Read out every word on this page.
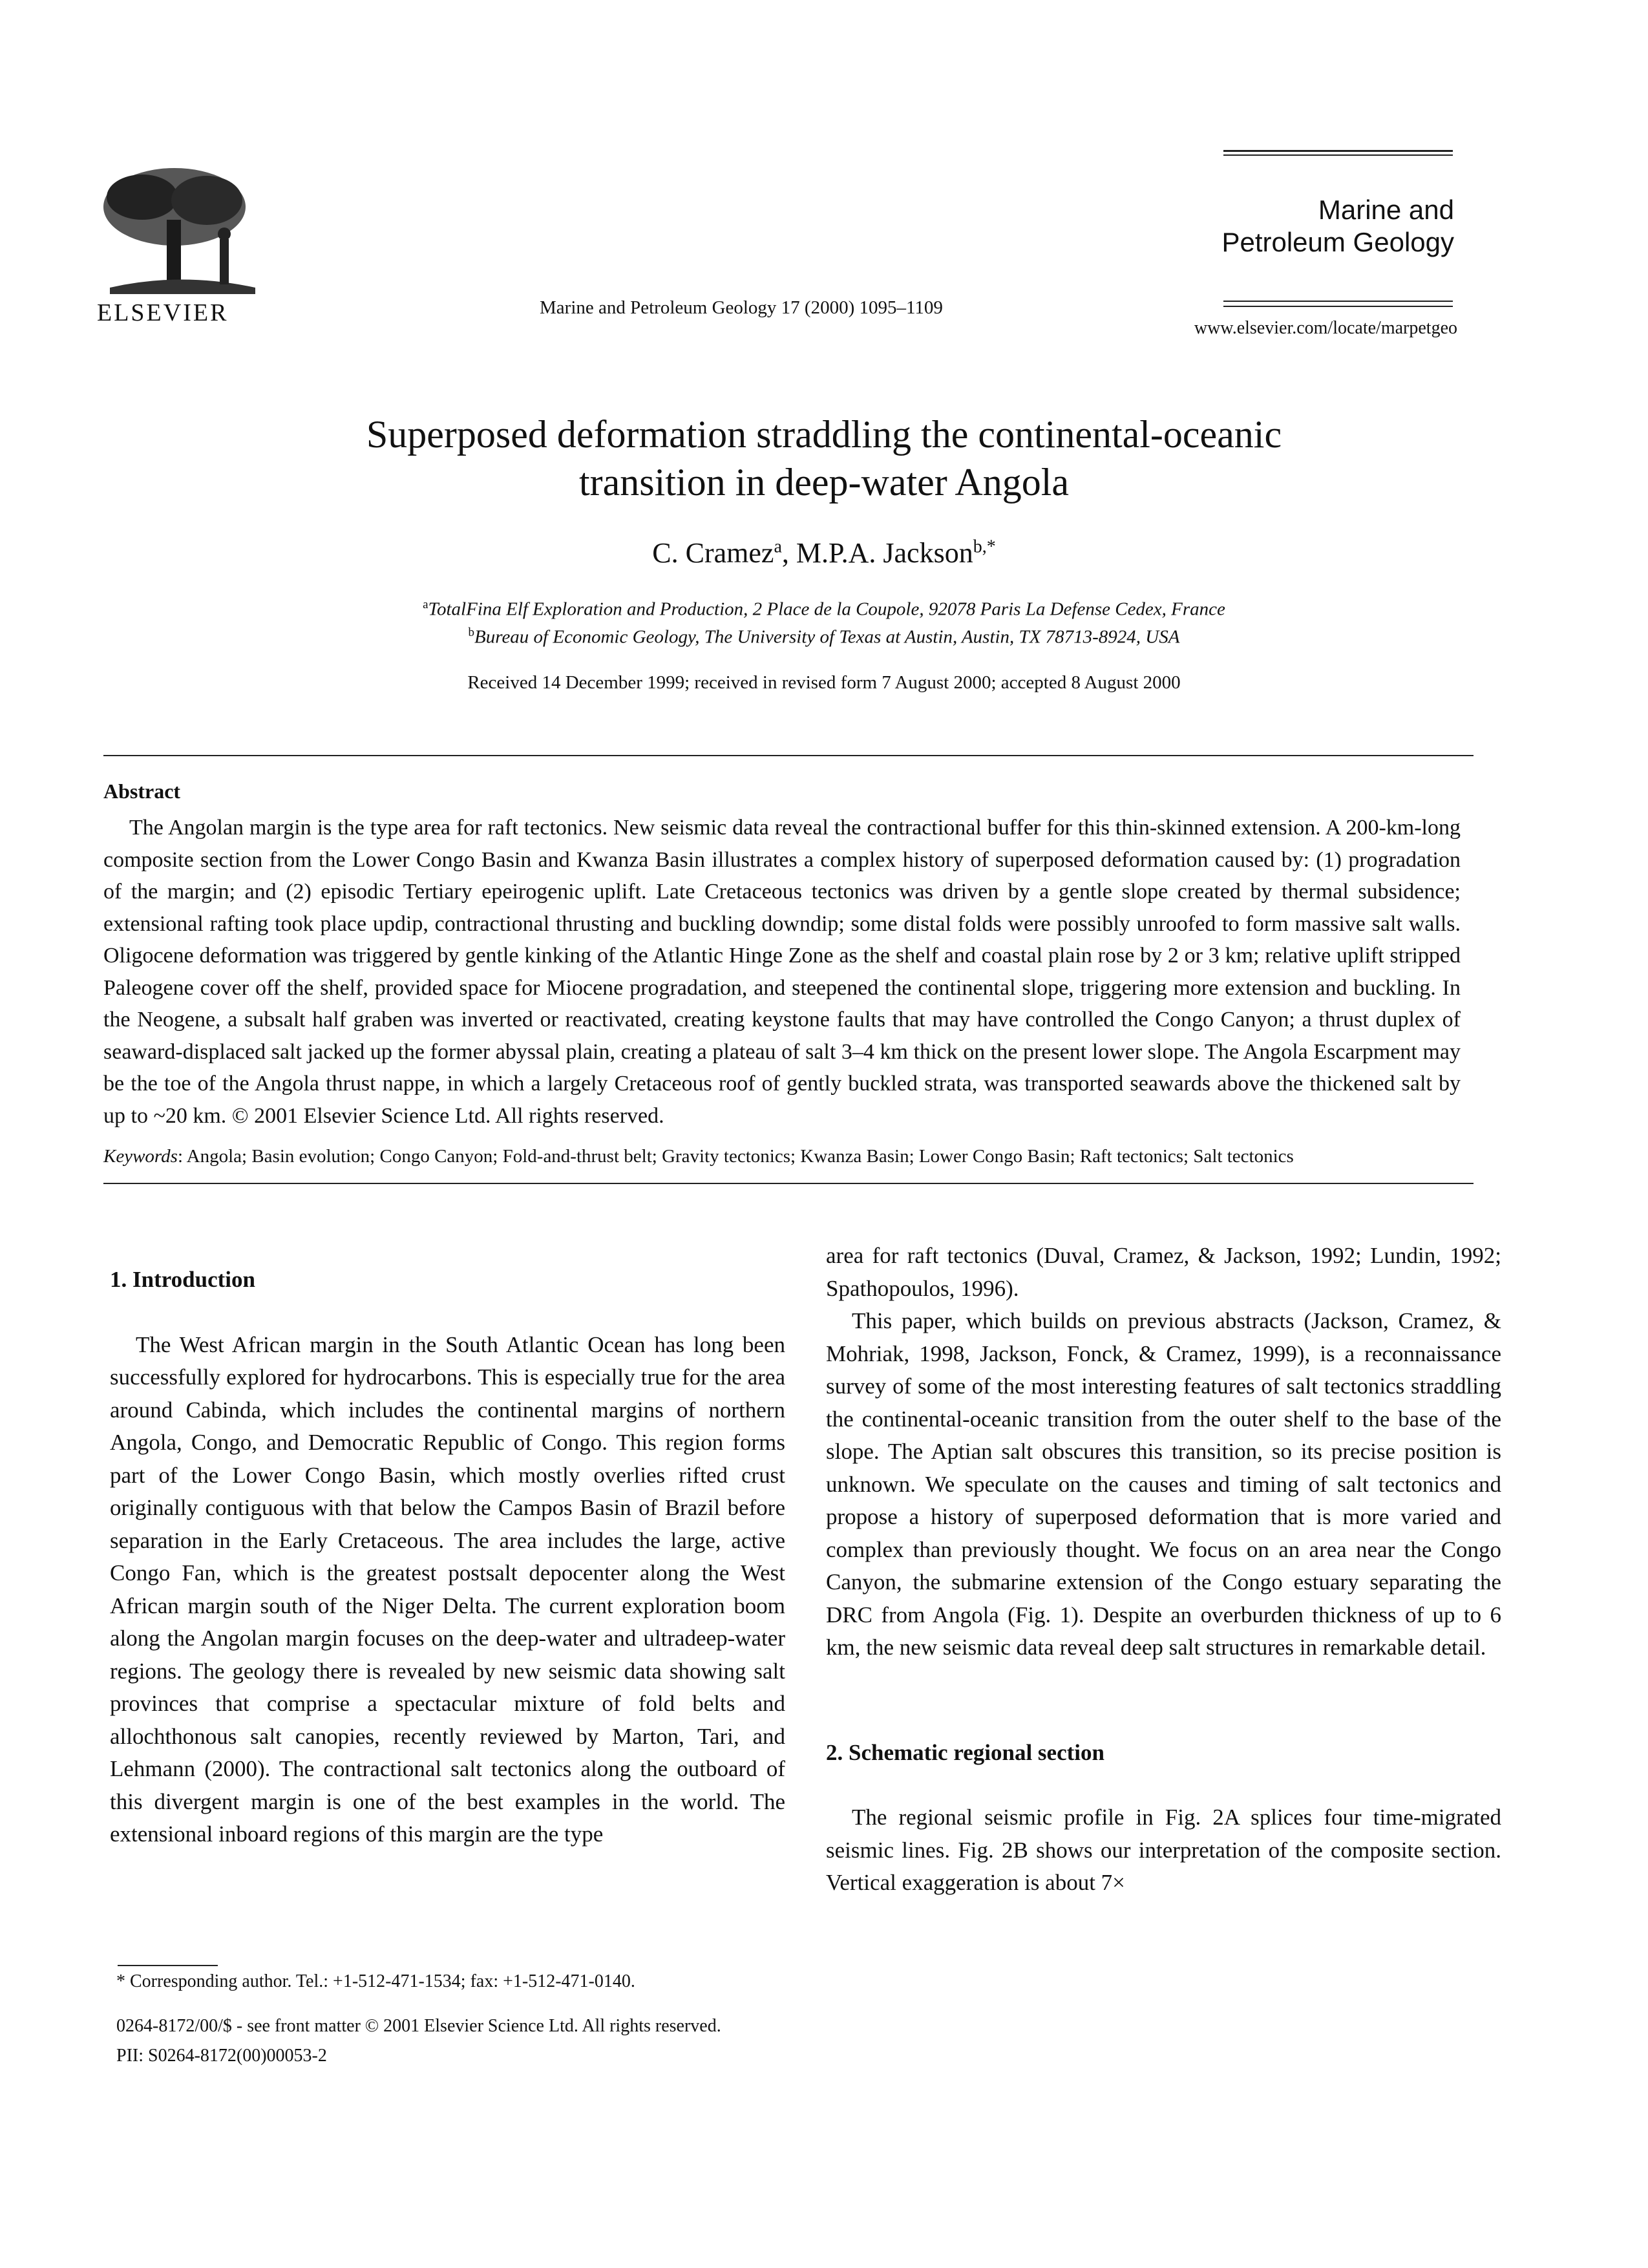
ELSEVIER	Marine and Petroleum Geology 17 (2000) 1095–1109
Marine and
Petroleum Geology
www.elsevier.com/locate/marpetgeo
Superposed deformation straddling the continental-oceanic
transition in deep-water Angola
C. Cramez$^a$, M.P.A. Jackson$^{b,*}$
$^a$TotalFina Elf Exploration and Production, 2 Place de la Coupole, 92078 Paris La Defense Cedex, France
$^b$Bureau of Economic Geology, The University of Texas at Austin, Austin, TX 78713-8924, USA
Received 14 December 1999; received in revised form 7 August 2000; accepted 8 August 2000
Abstract

The Angolan margin is the type area for raft tectonics. New seismic data reveal the contractional buffer for this thin-skinned extension. A 200-km-long composite section from the Lower Congo Basin and Kwanza Basin illustrates a complex history of superposed deformation caused by: (1) progradation of the margin; and (2) episodic Tertiary epeirogenic uplift. Late Cretaceous tectonics was driven by a gentle slope created by thermal subsidence; extensional rafting took place updip, contractional thrusting and buckling downdip; some distal folds were possibly unroofed to form massive salt walls. Oligocene deformation was triggered by gentle kinking of the Atlantic Hinge Zone as the shelf and coastal plain rose by 2 or 3 km; relative uplift stripped Paleogene cover off the shelf, provided space for Miocene progradation, and steepened the continental slope, triggering more extension and buckling. In the Neogene, a subsalt half graben was inverted or reactivated, creating keystone faults that may have controlled the Congo Canyon; a thrust duplex of seaward-displaced salt jacked up the former abyssal plain, creating a plateau of salt 3–4 km thick on the present lower slope. The Angola Escarpment may be the toe of the Angola thrust nappe, in which a largely Cretaceous roof of gently buckled strata, was transported seawards above the thickened salt by up to ~20 km. © 2001 Elsevier Science Ltd. All rights reserved.

Keywords: Angola; Basin evolution; Congo Canyon; Fold-and-thrust belt; Gravity tectonics; Kwanza Basin; Lower Congo Basin; Raft tectonics; Salt tectonics
1. Introduction

The West African margin in the South Atlantic Ocean has long been successfully explored for hydrocarbons. This is especially true for the area around Cabinda, which includes the continental margins of northern Angola, Congo, and Democratic Republic of Congo. This region forms part of the Lower Congo Basin, which mostly overlies rifted crust originally contiguous with that below the Campos Basin of Brazil before separation in the Early Cretaceous. The area includes the large, active Congo Fan, which is the greatest postsalt depocenter along the West African margin south of the Niger Delta. The current exploration boom along the Angolan margin focuses on the deep-water and ultradeep-water regions. The geology there is revealed by new seismic data showing salt provinces that comprise a spectacular mixture of fold belts and allochthonous salt canopies, recently reviewed by Marton, Tari, and Lehmann (2000). The contractional salt tectonics along the outboard of this divergent margin is one of the best examples in the world. The extensional inboard regions of this margin are the type

area for raft tectonics (Duval, Cramez, & Jackson, 1992; Lundin, 1992; Spathopoulos, 1996).

This paper, which builds on previous abstracts (Jackson, Cramez, & Mohriak, 1998, Jackson, Fonck, & Cramez, 1999), is a reconnaissance survey of some of the most interesting features of salt tectonics straddling the continental-oceanic transition from the outer shelf to the base of the slope. The Aptian salt obscures this transition, so its precise position is unknown. We speculate on the causes and timing of salt tectonics and propose a history of superposed deformation that is more varied and complex than previously thought. We focus on an area near the Congo Canyon, the submarine extension of the Congo estuary separating the DRC from Angola (Fig. 1). Despite an overburden thickness of up to 6 km, the new seismic data reveal deep salt structures in remarkable detail.

2. Schematic regional section

The regional seismic profile in Fig. 2A splices four time-migrated seismic lines. Fig. 2B shows our interpretation of the composite section. Vertical exaggeration is about 7×

* Corresponding author. Tel.: +1-512-471-1534; fax: +1-512-471-0140.
0264-8172/00/$ - see front matter © 2001 Elsevier Science Ltd. All rights reserved.
PII: S0264-8172(00)00053-2
